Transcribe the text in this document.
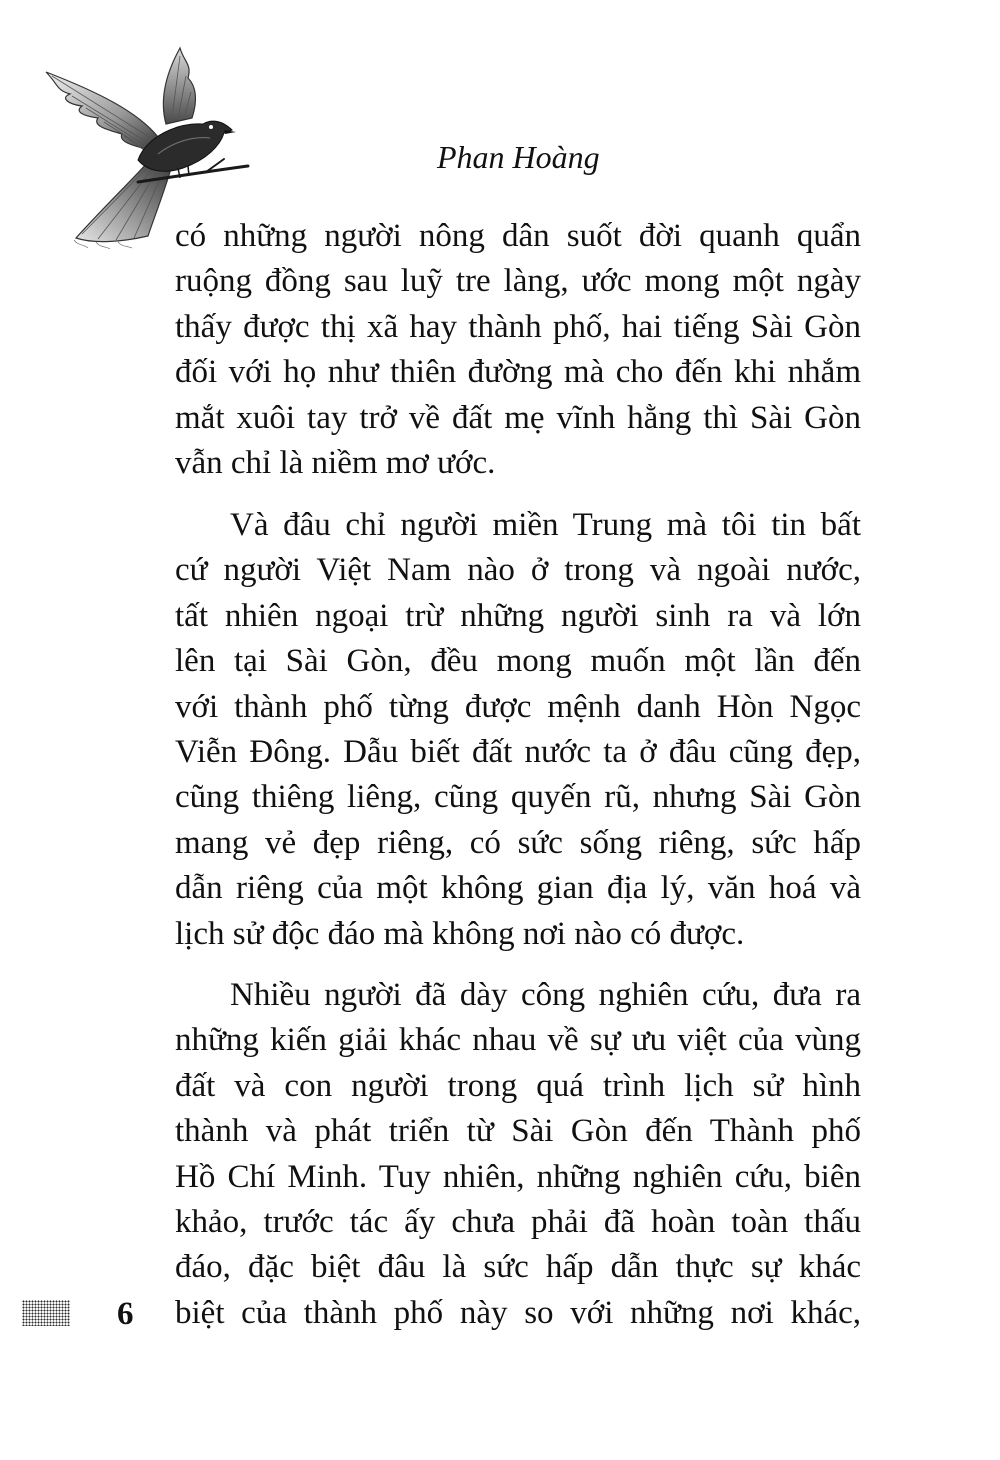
Phan Hoàng
có những người nông dân suốt đời quanh quẩn
ruộng đồng sau luỹ tre làng, ước mong một ngày
thấy được thị xã hay thành phố, hai tiếng Sài Gòn
đối với họ như thiên đường mà cho đến khi nhắm
mắt xuôi tay trở về đất mẹ vĩnh hằng thì Sài Gòn
vẫn chỉ là niềm mơ ước.
Và đâu chỉ người miền Trung mà tôi tin bất
cứ người Việt Nam nào ở trong và ngoài nước,
tất nhiên ngoại trừ những người sinh ra và lớn
lên tại Sài Gòn, đều mong muốn một lần đến
với thành phố từng được mệnh danh Hòn Ngọc
Viễn Đông. Dẫu biết đất nước ta ở đâu cũng đẹp,
cũng thiêng liêng, cũng quyến rũ, nhưng Sài Gòn
mang vẻ đẹp riêng, có sức sống riêng, sức hấp
dẫn riêng của một không gian địa lý, văn hoá và
lịch sử độc đáo mà không nơi nào có được.
Nhiều người đã dày công nghiên cứu, đưa ra
những kiến giải khác nhau về sự ưu việt của vùng
đất và con người trong quá trình lịch sử hình
thành và phát triển từ Sài Gòn đến Thành phố
Hồ Chí Minh. Tuy nhiên, những nghiên cứu, biên
khảo, trước tác ấy chưa phải đã hoàn toàn thấu
đáo, đặc biệt đâu là sức hấp dẫn thực sự khác
biệt của thành phố này so với những nơi khác,
6
